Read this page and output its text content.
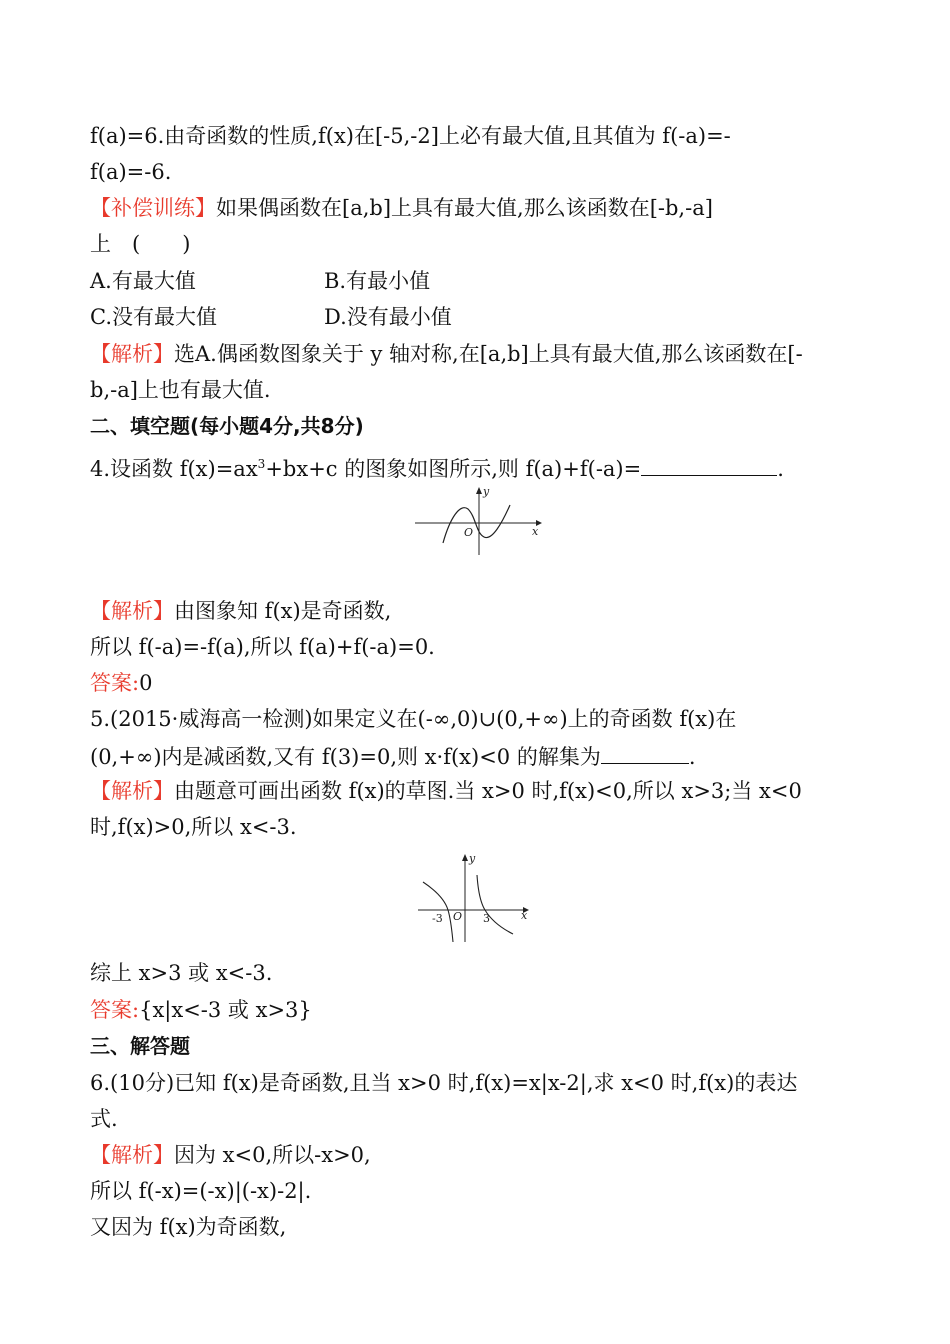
f(a)=6.由奇函数的性质,f(x)在[-5,-2]上必有最大值,且其值为 f(-a)=-
f(a)=-6.
【补偿训练】如果偶函数在[a,b]上具有最大值,那么该函数在[-b,-a]
上　(　　)
A.有最大值	B.有最小值
C.没有最大值	D.没有最小值
【解析】选A.偶函数图象关于 y 轴对称,在[a,b]上具有最大值,那么该函数在[-
b,-a]上也有最大值.
二、填空题(每小题4分,共8分)
4.设函数 $f(x)=ax^3+bx+c$ 的图象如图所示,则 f(a)+f(-a)=	.
x
y
O
【解析】由图象知 f(x)是奇函数,
所以 f(-a)=-f(a),所以 f(a)+f(-a)=0.
答案:0
5.(2015·威海高一检测)如果定义在(-∞,0)∪(0,+∞)上的奇函数 f(x)在
(0,+∞)内是减函数,又有 f(3)=0,则 x·f(x)<0 的解集为	.
【解析】由题意可画出函数 f(x)的草图.当 x>0 时,f(x)<0,所以 x>3;当 x<0
时,f(x)>0,所以 x<-3.
x
y
O
-3	3
综上 x>3 或 x<-3.
答案:{x|x<-3 或 x>3}
三、解答题
6.(10分)已知 f(x)是奇函数,且当 x>0 时,f(x)=x|x-2|,求 x<0 时,f(x)的表达
式.
【解析】因为 x<0,所以-x>0,
所以 f(-x)=(-x)|(-x)-2|.
又因为 f(x)为奇函数,
